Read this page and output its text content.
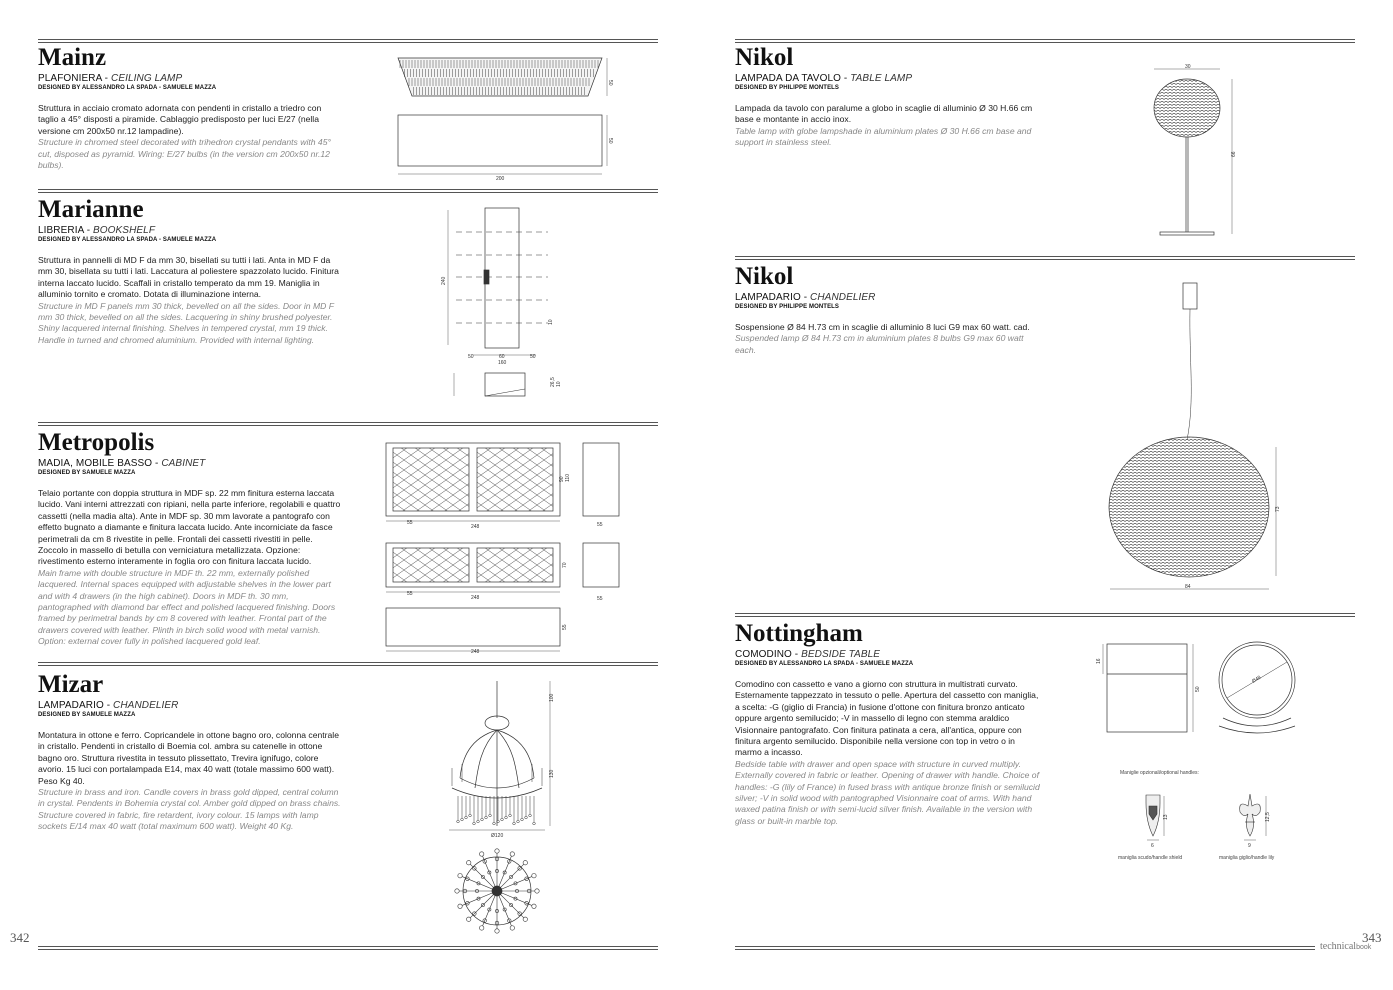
Mainz
PLAFONIERA - CEILING LAMP
DESIGNED BY ALESSANDRO LA SPADA - SAMUELE MAZZA
Struttura in acciaio cromato adornata con pendenti in cristallo a triedro con taglio a 45° disposti a piramide. Cablaggio predisposto per luci E/27 (nella versione cm 200x50 nr.12 lampadine).
Structure in chromed steel decorated with trihedron crystal pendants with 45° cut, disposed as pyramid. Wiring: E/27 bulbs (in the version cm 200x50 nr.12 bulbs).
50
50
200
Marianne
LIBRERIA - BOOKSHELF
DESIGNED BY ALESSANDRO LA SPADA - SAMUELE MAZZA
Struttura in pannelli di MD F da mm 30, bisellati su tutti i lati. Anta in MD F da mm 30, bisellata su tutti i lati. Laccatura al poliestere spazzolato lucido. Finitura interna laccato lucido. Scaffali in cristallo temperato da mm 19. Maniglia in alluminio tornito e cromato. Dotata di illuminazione interna.
Structure in MD F panels mm 30 thick, bevelled on all the sides. Door in MD F mm 30 thick, bevelled on all the sides. Lacquering in shiny brushed polyester. Shiny lacquered internal finishing. Shelves in tempered crystal, mm 19 thick. Handle in turned and chromed aluminium. Provided with internal lighting.
240
50	60	50
160
10
26,5 10
Metropolis
MADIA, MOBILE BASSO - CABINET
DESIGNED BY SAMUELE MAZZA
Telaio portante con doppia struttura in MDF sp. 22 mm finitura esterna laccata lucido. Vani interni attrezzati con ripiani, nella parte inferiore, regolabili e quattro cassetti (nella madia alta). Ante in MDF sp. 30 mm lavorate a pantografo con effetto bugnato a diamante e finitura laccata lucido. Ante incorniciate da fasce perimetrali da cm 8 rivestite in pelle. Frontali dei cassetti rivestiti in pelle. Zoccolo in massello di betulla con verniciatura metallizzata. Opzione: rivestimento esterno interamente in foglia oro con finitura laccata lucido.
Main frame with double structure in MDF th. 22 mm, externally polished lacquered. Internal spaces equipped with adjustable shelves in the lower part and with 4 drawers (in the high cabinet). Doors in MDF th. 30 mm, pantographed with diamond bar effect and polished lacquered finishing. Doors framed by perimetral bands by cm 8 covered with leather. Frontal part of the drawers covered with leather. Plinth in birch solid wood with metal varnish. Option: external cover fully in polished lacquered gold leaf.
248
90 110
55	55
248
70
55
55
55
248
Mizar
LAMPADARIO - CHANDELIER
DESIGNED BY SAMUELE MAZZA
Montatura in ottone e ferro. Copricandele in ottone bagno oro, colonna centrale in cristallo. Pendenti in cristallo di Boemia col. ambra su catenelle in ottone bagno oro. Struttura rivestita in tessuto plissettato, Trevira ignifugo, colore avorio. 15 luci con portalampada E14, max 40 watt (totale massimo 600 watt). Peso Kg 40.
Structure in brass and iron. Candle covers in brass gold dipped, central column in crystal. Pendents in Bohemia crystal col. Amber gold dipped on brass chains. Structure covered in fabric, fire retardent, ivory colour. 15 lamps with lamp sockets E/14 max 40 watt (total maximum 600 watt). Weight 40 Kg.
100
130
Ø120
342
Nikol
LAMPADA DA TAVOLO - TABLE LAMP
DESIGNED BY PHILIPPE MONTELS
Lampada da tavolo con paralume a globo in scaglie di alluminio Ø 30 H.66 cm base e montante in accio inox.
Table lamp with globe lampshade in aluminium plates Ø 30 H.66 cm base and support in stainless steel.
30
66
Nikol
LAMPADARIO - CHANDELIER
DESIGNED BY PHILIPPE MONTELS
Sospensione Ø 84 H.73 cm in scaglie di alluminio 8 luci G9 max 60 watt. cad.
Suspended lamp Ø 84 H.73 cm in aluminium plates 8 bulbs G9 max 60 watt each.
84
73
Nottingham
COMODINO - BEDSIDE TABLE
DESIGNED BY ALESSANDRO LA SPADA - SAMUELE MAZZA
Comodino con cassetto e vano a giorno con struttura in multistrati curvato. Esternamente tappezzato in tessuto o pelle. Apertura del cassetto con maniglia, a scelta: -G (giglio di Francia) in fusione d'ottone con finitura bronzo anticato oppure argento semilucido; -V in massello di legno con stemma araldico Visionnaire pantografato. Con finitura patinata a cera, all'antica, oppure con finitura argento semilucido. Disponibile nella versione con top in vetro o in marmo a incasso.
Bedside table with drawer and open space with structure in curved multiply. Externally covered in fabric or leather. Opening of drawer with handle. Choice of handles: -G (lily of France) in fused brass with antique bronze finish or semilucid silver; -V in solid wood with pantographed Visionnaire coat of arms. With hand waxed patina finish or with semi-lucid silver finish. Available in the version with glass or built-in marble top.
16
50
Ø48
Maniglie opzionali/optional handles:
13
6
12,5
9
maniglia scudo/handle shield	maniglia giglio/handle lily
343
technicalbook
